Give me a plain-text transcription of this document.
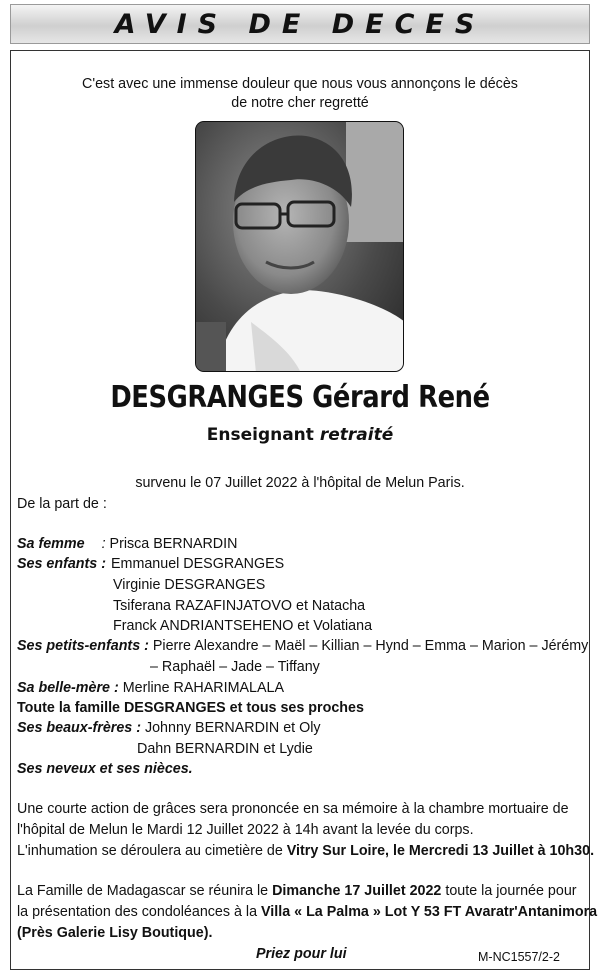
AVIS DE DECES
C'est avec une immense douleur que nous vous annonçons le décès
de notre cher regretté
DESGRANGES Gérard René
Enseignant retraité
survenu le 07 Juillet 2022 à l'hôpital de Melun Paris.
De la part de :
Sa femme : Prisca BERNARDIN
Ses enfants : Emmanuel DESGRANGES
Virginie DESGRANGES
Tsiferana RAZAFINJATOVO et Natacha
Franck ANDRIANTSEHENO et Volatiana
Ses petits-enfants : Pierre Alexandre – Maël – Killian – Hynd – Emma – Marion – Jérémy
– Raphaël – Jade – Tiffany
Sa belle-mère : Merline RAHARIMALALA
Toute la famille DESGRANGES et tous ses proches
Ses beaux-frères : Johnny BERNARDIN et Oly
Dahn BERNARDIN et Lydie
Ses neveux et ses nièces.
Une courte action de grâces sera prononcée en sa mémoire à la chambre mortuaire de
l'hôpital de Melun le Mardi 12 Juillet 2022 à 14h avant la levée du corps.
L'inhumation se déroulera au cimetière de Vitry Sur Loire, le Mercredi 13 Juillet à 10h30.
La Famille de Madagascar se réunira le Dimanche 17 Juillet 2022 toute la journée pour
la présentation des condoléances à la Villa « La Palma » Lot Y 53 FT Avaratr'Antanimora
(Près Galerie Lisy Boutique).
Priez pour lui	M-NC1557/2-2
